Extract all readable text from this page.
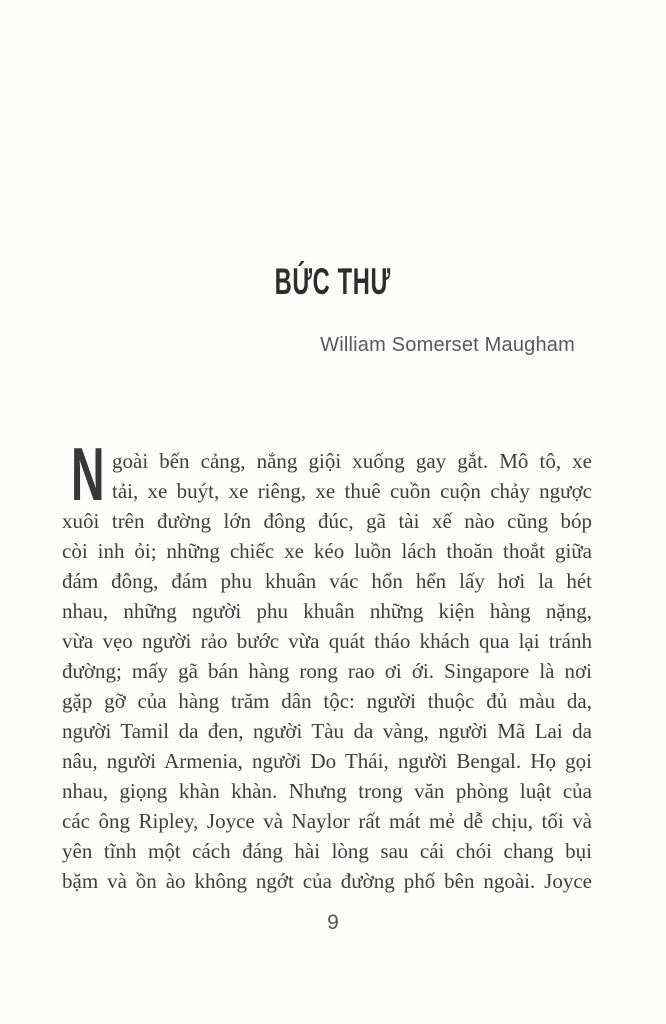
BỨC THƯ
William Somerset Maugham
N goài bến cảng, nắng giội xuống gay gắt. Mô tô, xe
tải, xe buýt, xe riêng, xe thuê cuồn cuộn chảy ngược
xuôi trên đường lớn đông đúc, gã tài xế nào cũng bóp
còi inh ỏi; những chiếc xe kéo luồn lách thoăn thoắt giữa
đám đông, đám phu khuân vác hổn hển lấy hơi la hét
nhau, những người phu khuân những kiện hàng nặng,
vừa vẹo người rảo bước vừa quát tháo khách qua lại tránh
đường; mấy gã bán hàng rong rao ơi ới. Singapore là nơi
gặp gỡ của hàng trăm dân tộc: người thuộc đủ màu da,
người Tamil da đen, người Tàu da vàng, người Mã Lai da
nâu, người Armenia, người Do Thái, người Bengal. Họ gọi
nhau, giọng khàn khàn. Nhưng trong văn phòng luật của
các ông Ripley, Joyce và Naylor rất mát mẻ dễ chịu, tối và
yên tĩnh một cách đáng hài lòng sau cái chói chang bụi
bặm và ồn ào không ngớt của đường phố bên ngoài. Joyce
9
